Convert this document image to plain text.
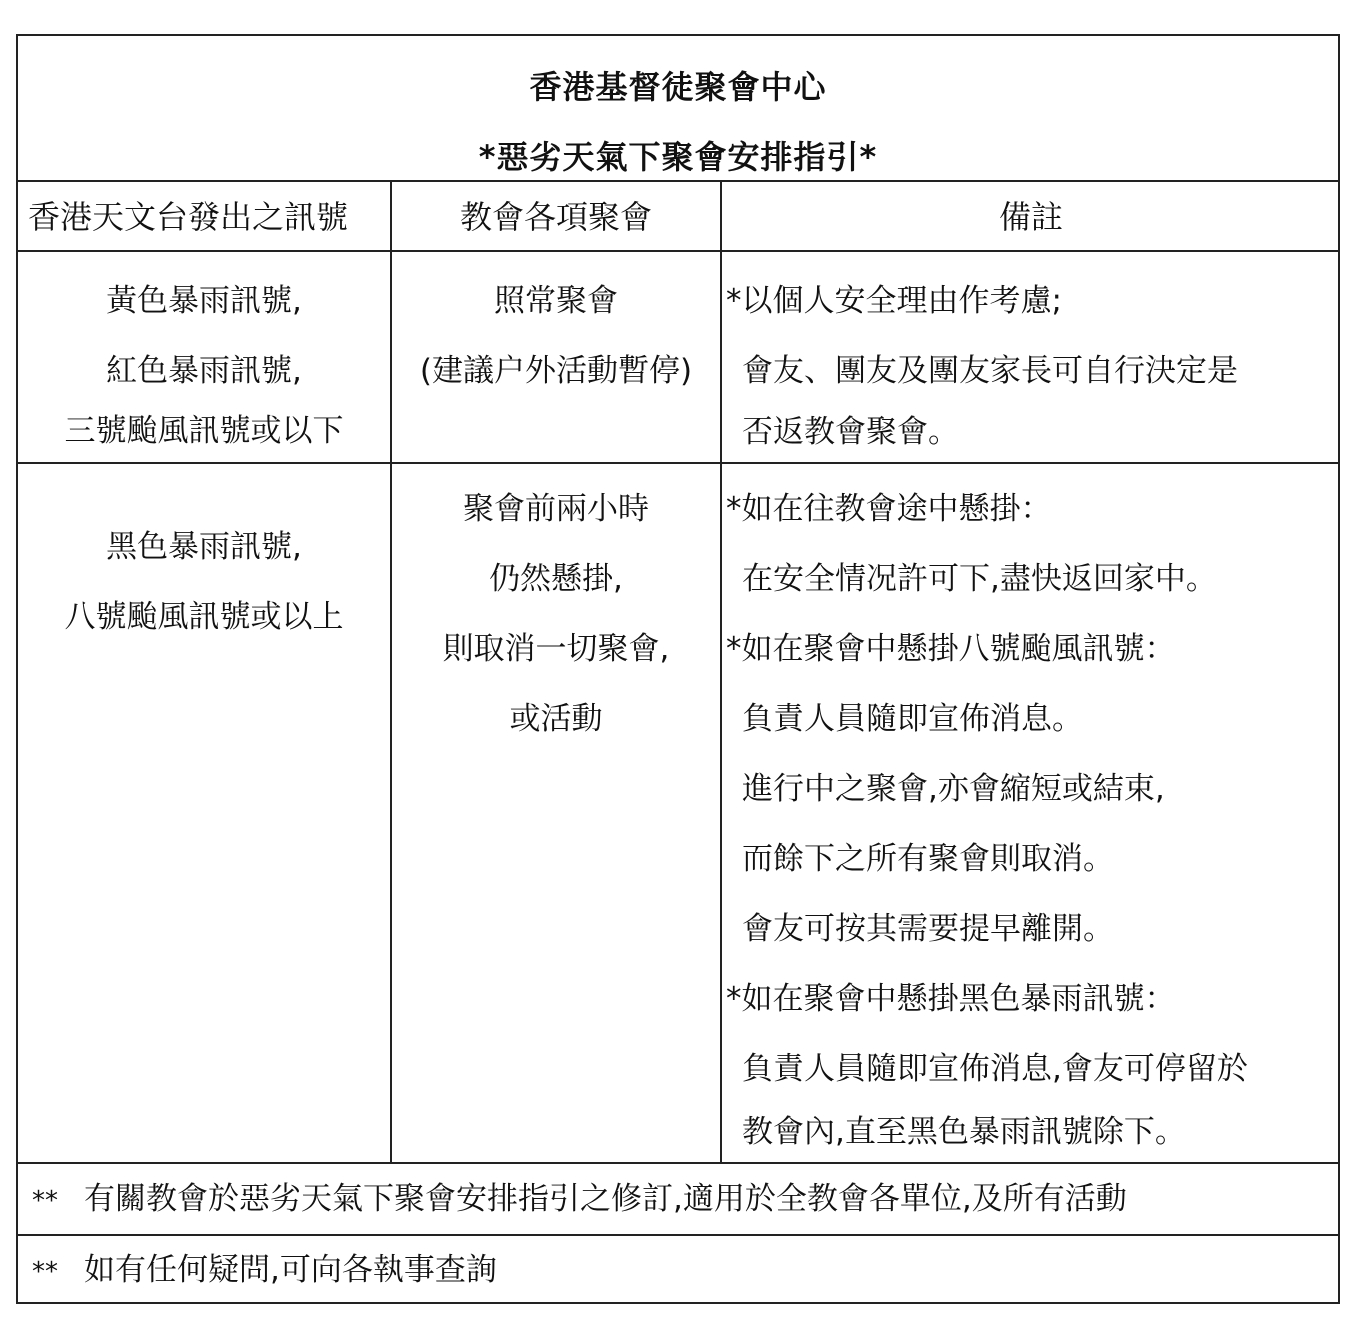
香港基督徒聚會中心
*惡劣天氣下聚會安排指引*
香港天文台發出之訊號	教會各項聚會	備註
黃色暴雨訊號,
紅色暴雨訊號,
三號颱風訊號或以下
照常聚會
(建議户外活動暫停)
*以個人安全理由作考慮;
會友、團友及團友家長可自行決定是
否返教會聚會。
黑色暴雨訊號,
八號颱風訊號或以上
聚會前兩小時
仍然懸掛,
則取消一切聚會,
或活動
*如在往教會途中懸掛：
在安全情况許可下,盡快返回家中。
*如在聚會中懸掛八號颱風訊號：
負責人員隨即宣佈消息。
進行中之聚會,亦會縮短或結束,
而餘下之所有聚會則取消。
會友可按其需要提早離開。
*如在聚會中懸掛黑色暴雨訊號：
負責人員隨即宣佈消息,會友可停留於
教會內,直至黑色暴雨訊號除下。
** 有關教會於惡劣天氣下聚會安排指引之修訂,適用於全教會各單位,及所有活動
** 如有任何疑問,可向各執事查詢
